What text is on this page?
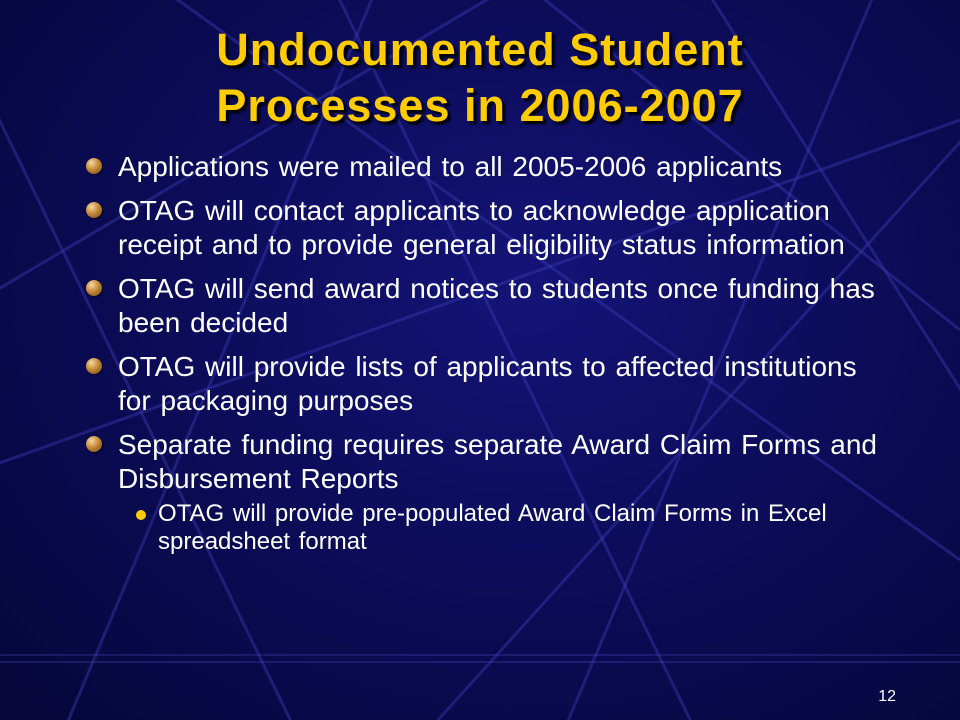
Undocumented Student
Processes in 2006-2007
Applications were mailed to all 2005-2006 applicants
OTAG will contact applicants to acknowledge application receipt and to provide general eligibility status information
OTAG will send award notices to students once funding has been decided
OTAG will provide lists of applicants to affected institutions for packaging purposes
Separate funding requires separate Award Claim Forms and Disbursement Reports
OTAG will provide pre-populated Award Claim Forms in Excel spreadsheet format
12
